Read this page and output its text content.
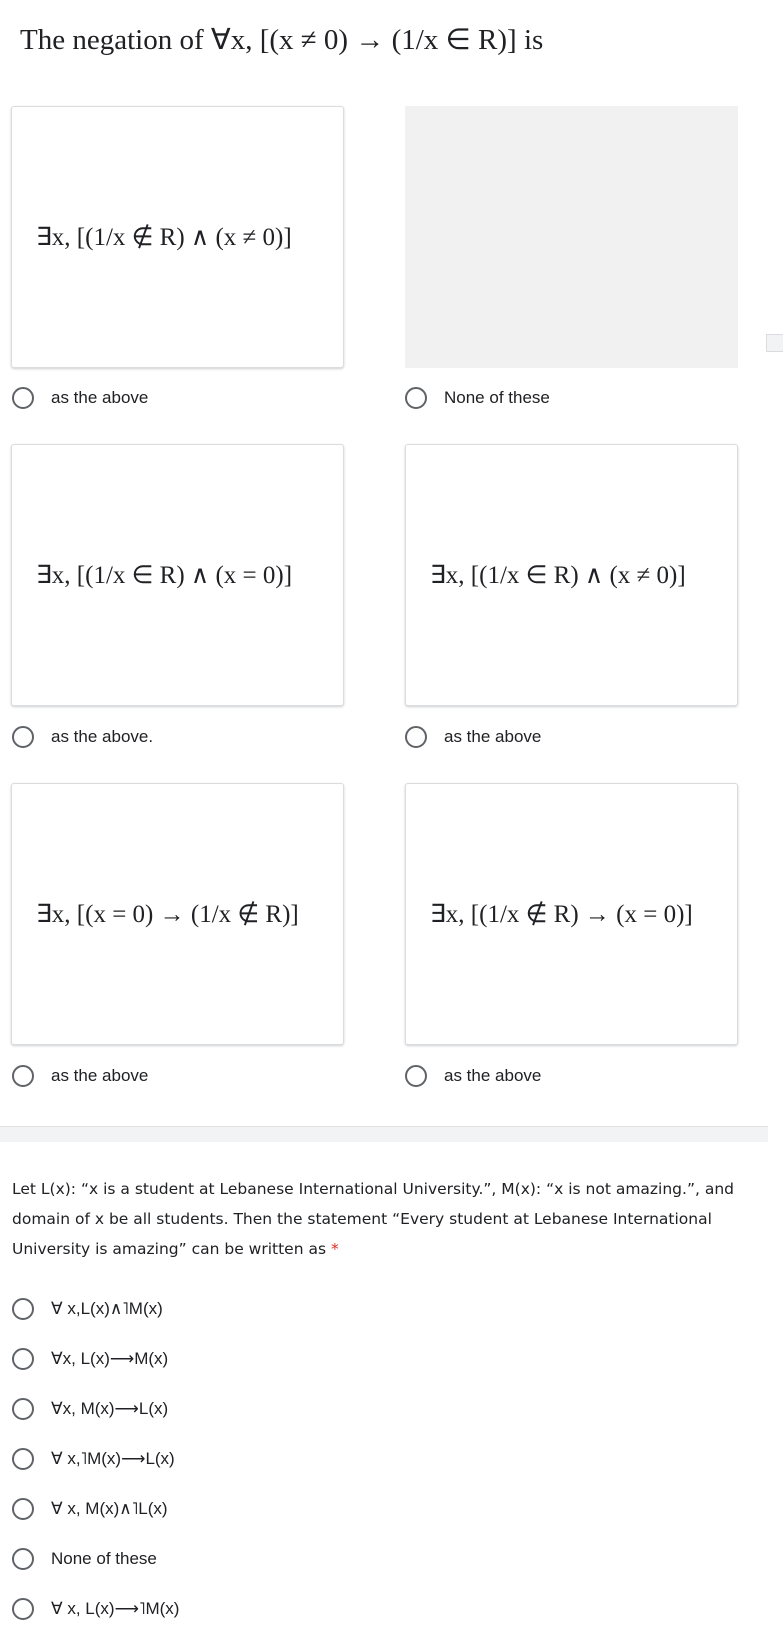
The negation of ∀x, [(x ≠ 0) → (1/x ∈ R)] is
∃x, [(1/x ∉ R) ∧ (x ≠ 0)]
as the above	None of these
∃x, [(1/x ∈ R) ∧ (x = 0)]	∃x, [(1/x ∈ R) ∧ (x ≠ 0)]
as the above.	as the above
∃x, [(x = 0) → (1/x ∉ R)]	∃x, [(1/x ∉ R) → (x = 0)]
as the above	as the above
Let L(x): “x is a student at Lebanese International University.”, M(x): “x is not amazing.”, and domain of x be all students. Then the statement “Every student at Lebanese International University is amazing” can be written as *
∀ x,L(x)∧˥M(x)
∀x, L(x)⟶M(x)
∀x, M(x)⟶L(x)
∀ x,˥M(x)⟶L(x)
∀ x, M(x)∧˥L(x)
None of these
∀ x, L(x)⟶˥M(x)
